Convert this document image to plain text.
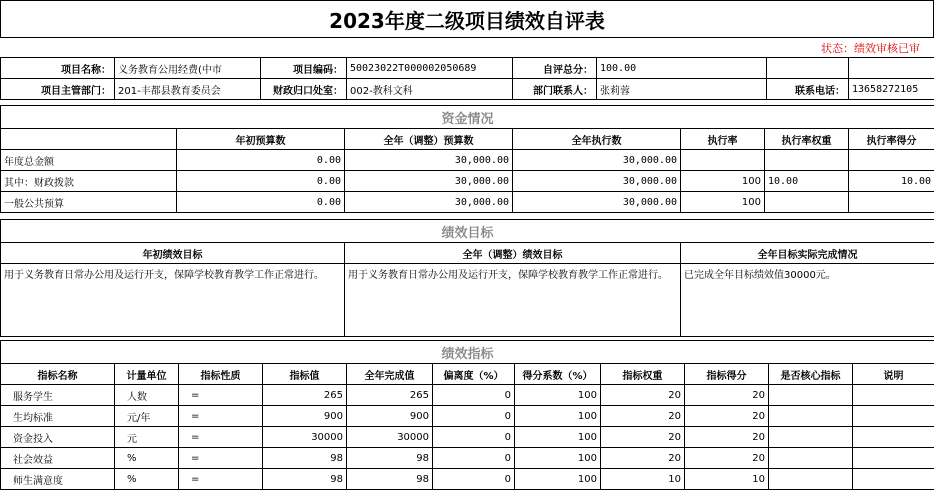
2023年度二级项目绩效自评表
状态：绩效审核已审
项目名称：	义务教育公用经费(中市	项目编码：	50023022T000002050689	自评总分：	100.00		
项目主管部门：	201-丰都县教育委员会	财政归口处室：	002-教科文科	部门联系人：	张莉蓉	联系电话：	13658272105
资金情况						
	年初预算数	全年（调整）预算数	全年执行数	执行率	执行率权重	执行率得分
年度总金额	0.00	30,000.00	30,000.00			
其中：财政拨款	0.00	30,000.00	30,000.00	100	10.00	10.00
一般公共预算	0.00	30,000.00	30,000.00	100		
绩效目标		
年初绩效目标	全年（调整）绩效目标	全年目标实际完成情况
用于义务教育日常办公用及运行开支，保障学校教育教学工作正常进行。	用于义务教育日常办公用及运行开支，保障学校教育教学工作正常进行。	已完成全年目标绩效值30000元。
绩效指标										
指标名称	计量单位	指标性质	指标值	全年完成值	偏离度（%）	得分系数（%）	指标权重	指标得分	是否核心指标	说明
服务学生	人数	=	265	265	0	100	20	20		
生均标准	元/年	=	900	900	0	100	20	20		
资金投入	元	=	30000	30000	0	100	20	20		
社会效益	%	=	98	98	0	100	20	20		
师生满意度	%	=	98	98	0	100	10	10		
